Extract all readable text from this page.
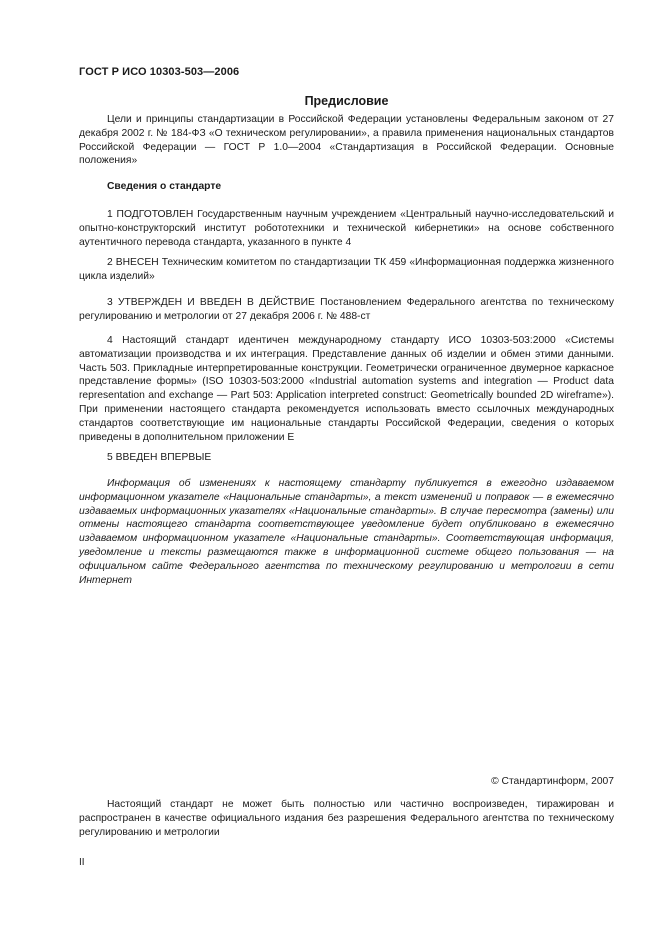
ГОСТ Р ИСО 10303-503—2006
Предисловие

Цели и принципы стандартизации в Российской Федерации установлены Федеральным законом от 27 декабря 2002 г. № 184-ФЗ «О техническом регулировании», а правила применения национальных стандартов Российской Федерации — ГОСТ Р 1.0—2004 «Стандартизация в Российской Федерации. Основные положения»

Сведения о стандарте

1 ПОДГОТОВЛЕН Государственным научным учреждением «Центральный научно-исследовательский и опытно-конструкторский институт робототехники и технической кибернетики» на основе собственного аутентичного перевода стандарта, указанного в пункте 4

2 ВНЕСЕН Техническим комитетом по стандартизации ТК 459 «Информационная поддержка жизненного цикла изделий»

3 УТВЕРЖДЕН И ВВЕДЕН В ДЕЙСТВИЕ Постановлением Федерального агентства по техническому регулированию и метрологии от 27 декабря 2006 г. № 488-ст

4 Настоящий стандарт идентичен международному стандарту ИСО 10303-503:2000 «Системы автоматизации производства и их интеграция. Представление данных об изделии и обмен этими данными. Часть 503. Прикладные интерпретированные конструкции. Геометрически ограниченное двумерное каркасное представление формы» (ISO 10303-503:2000 «Industrial automation systems and integration — Product data representation and exchange — Part 503: Application interpreted construct: Geometrically bounded 2D wireframe»). При применении настоящего стандарта рекомендуется использовать вместо ссылочных международных стандартов соответствующие им национальные стандарты Российской Федерации, сведения о которых приведены в дополнительном приложении Е

5 ВВЕДЕН ВПЕРВЫЕ

Информация об изменениях к настоящему стандарту публикуется в ежегодно издаваемом информационном указателе «Национальные стандарты», а текст изменений и поправок — в ежемесячно издаваемых информационных указателях «Национальные стандарты». В случае пересмотра (замены) или отмены настоящего стандарта соответствующее уведомление будет опубликовано в ежемесячно издаваемом информационном указателе «Национальные стандарты». Соответствующая информация, уведомление и тексты размещаются также в информационной системе общего пользования — на официальном сайте Федерального агентства по техническому регулированию и метрологии в сети Интернет

© Стандартинформ, 2007

Настоящий стандарт не может быть полностью или частично воспроизведен, тиражирован и распространен в качестве официального издания без разрешения Федерального агентства по техническому регулированию и метрологии

II
